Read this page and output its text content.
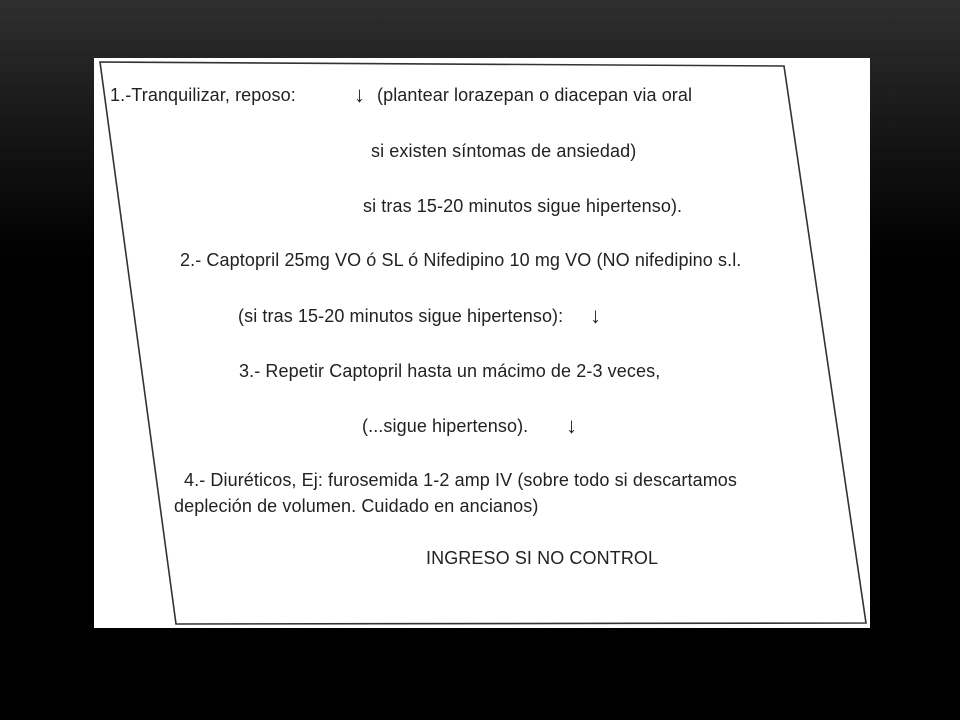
1.-Tranquilizar, reposo:	↓ (plantear lorazepan o diacepan via oral
si existen síntomas de ansiedad)
si tras 15-20 minutos sigue hipertenso).
2.- Captopril 25mg VO ó SL ó Nifedipino 10 mg VO (NO nifedipino s.l.
(si tras 15-20 minutos sigue hipertenso): ↓
3.- Repetir Captopril hasta un mácimo de 2-3 veces,
(...sigue hipertenso). ↓
4.- Diuréticos, Ej: furosemida 1-2 amp IV (sobre todo si descartamos
depleción de volumen. Cuidado en ancianos)
INGRESO SI NO CONTROL
